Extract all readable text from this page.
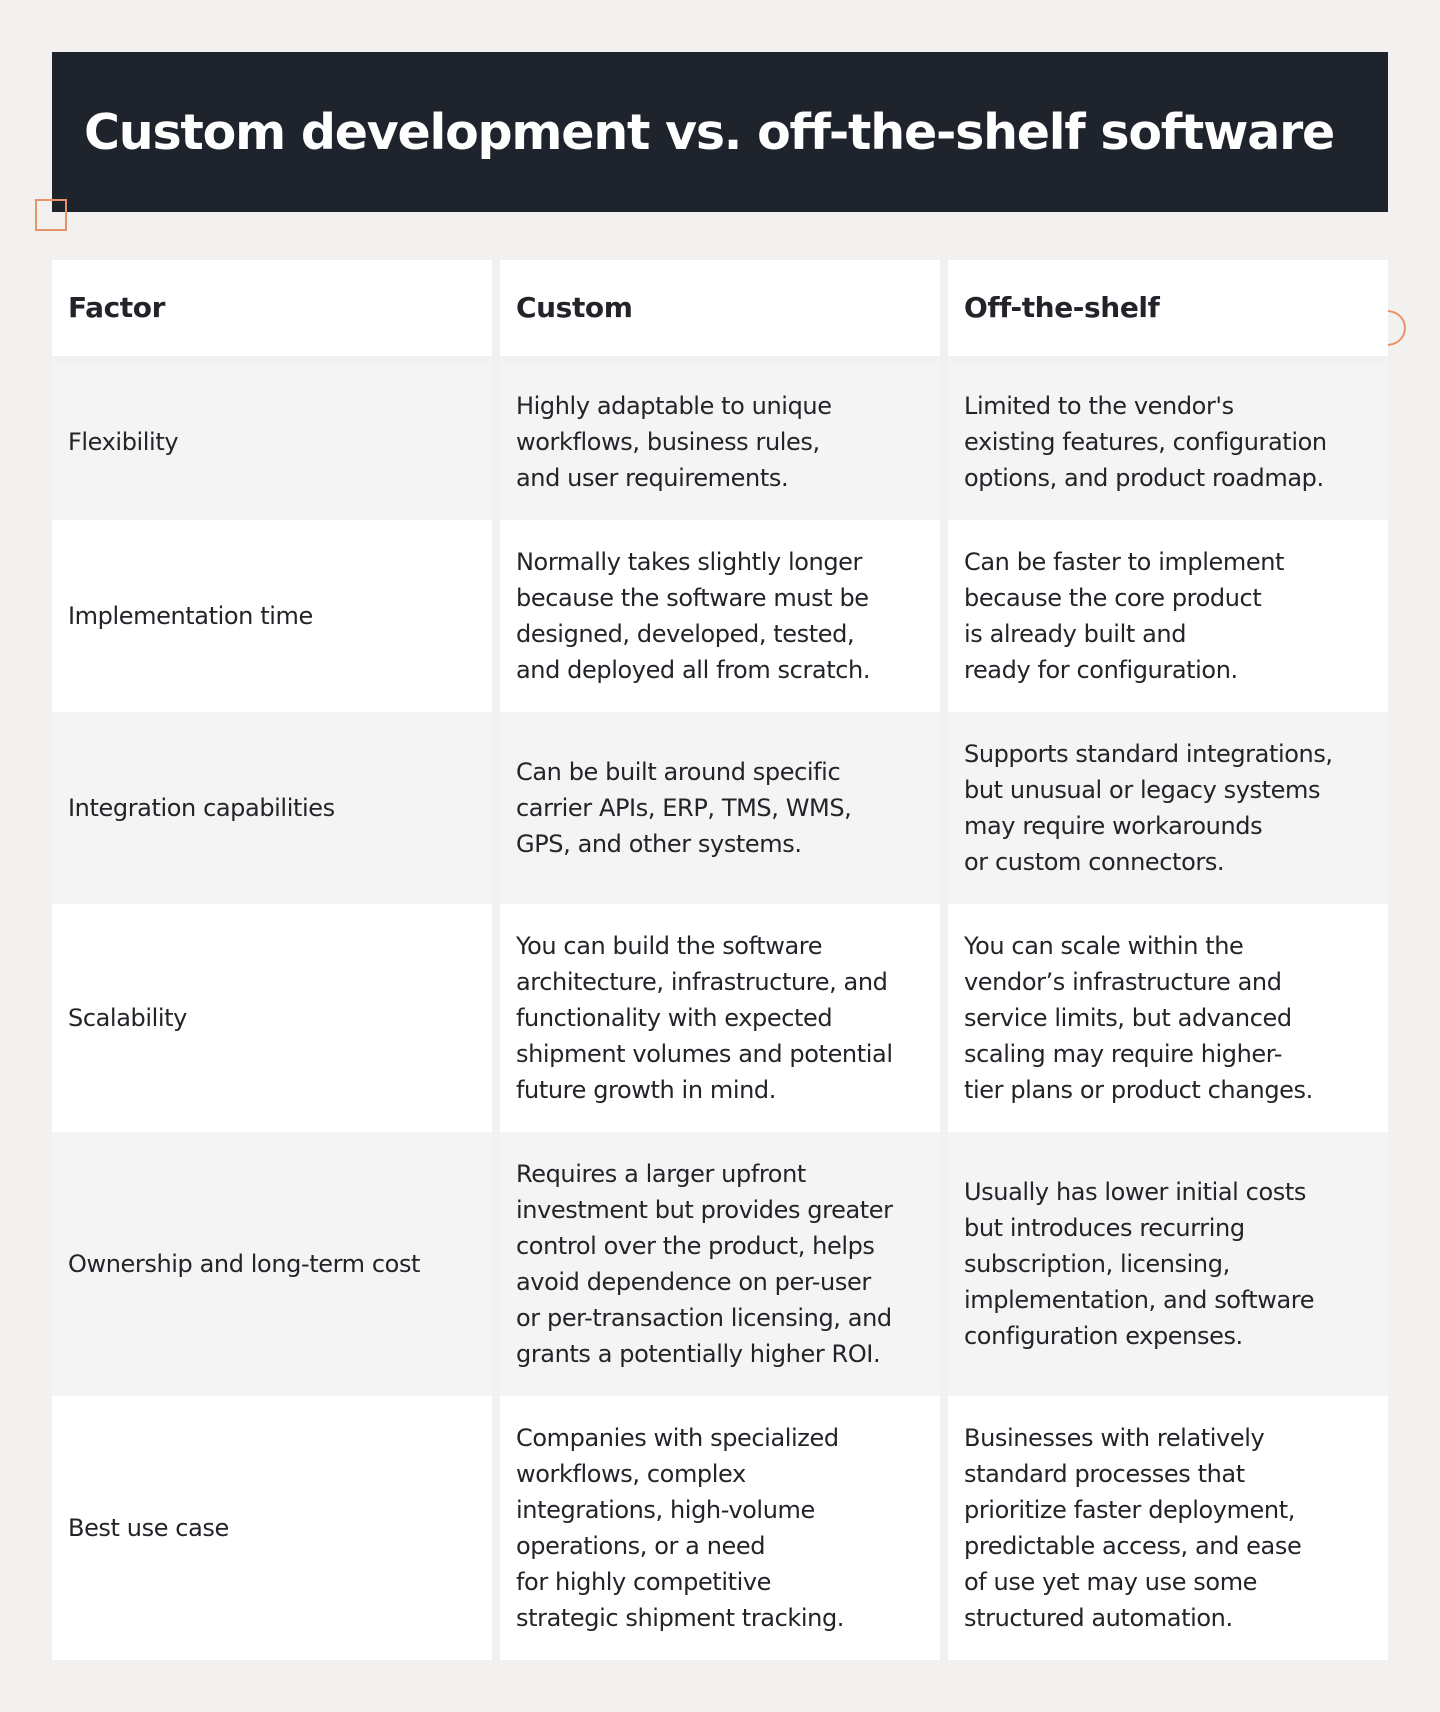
Custom development vs. off-the-shelf software
Factor	Custom	Off-the-shelf
Flexibility
Highly adaptable to unique
workflows, business rules,
and user requirements.
Limited to the vendor's
existing features, configuration
options, and product roadmap.
Implementation time
Normally takes slightly longer
because the software must be
designed, developed, tested,
and deployed all from scratch.
Can be faster to implement
because the core product
is already built and
ready for configuration.
Integration capabilities
Can be built around specific
carrier APIs, ERP, TMS, WMS,
GPS, and other systems.
Supports standard integrations,
but unusual or legacy systems
may require workarounds
or custom connectors.
Scalability
You can build the software
architecture, infrastructure, and
functionality with expected
shipment volumes and potential
future growth in mind.
You can scale within the
vendor’s infrastructure and
service limits, but advanced
scaling may require higher-
tier plans or product changes.
Ownership and long-term cost
Requires a larger upfront
investment but provides greater
control over the product, helps
avoid dependence on per-user
or per-transaction licensing, and
grants a potentially higher ROI.
Usually has lower initial costs
but introduces recurring
subscription, licensing,
implementation, and software
configuration expenses.
Best use case
Companies with specialized
workflows, complex
integrations, high-volume
operations, or a need
for highly competitive
strategic shipment tracking.
Businesses with relatively
standard processes that
prioritize faster deployment,
predictable access, and ease
of use yet may use some
structured automation.
